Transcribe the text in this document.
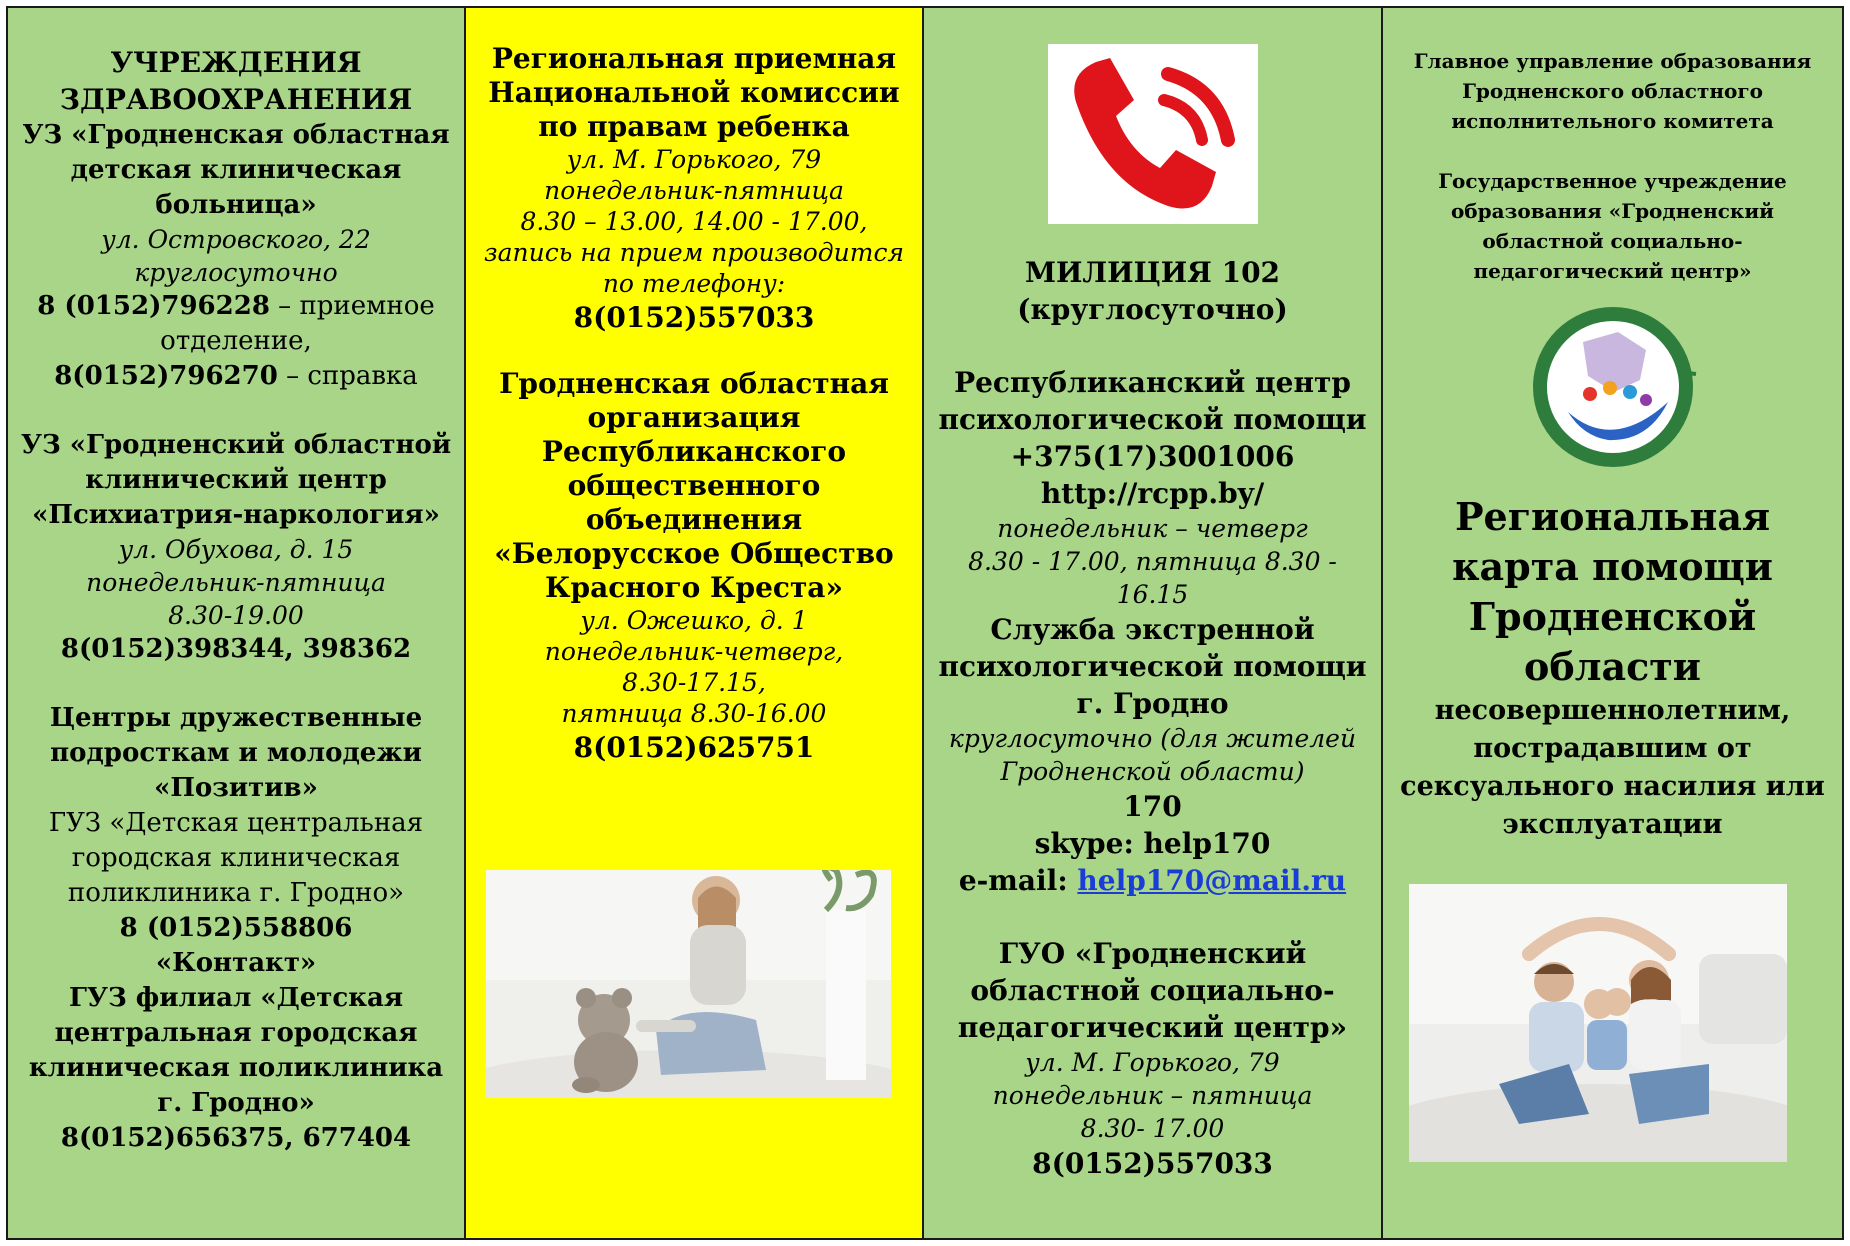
УЧРЕЖДЕНИЯ ЗДРАВООХРАНЕНИЯ
УЗ «Гродненская областная детская клиническая больница»
ул. Островского, 22
круглосуточно
8 (0152)796228 – приемное отделение,
8(0152)796270 – справка
УЗ «Гродненский областной клинический центр «Психиатрия-наркология»
ул. Обухова, д. 15
понедельник-пятница
8.30-19.00
8(0152)398344, 398362
Центры дружественные подросткам и молодежи
«Позитив»
ГУЗ «Детская центральная городская клиническая поликлиника г. Гродно»
8 (0152)558806
«Контакт»
ГУЗ филиал «Детская центральная городская клиническая поликлиника г. Гродно»
8(0152)656375, 677404
Региональная приемная Национальной комиссии по правам ребенка
ул. М. Горького, 79
понедельник-пятница
8.30 – 13.00, 14.00 - 17.00,
запись на прием производится по телефону:
8(0152)557033
Гродненская областная организация Республиканского общественного объединения «Белорусское Общество Красного Креста»
ул. Ожешко, д. 1
понедельник-четверг,
8.30-17.15,
пятница 8.30-16.00
8(0152)625751
МИЛИЦИЯ 102
(круглосуточно)
Республиканский центр психологической помощи
+375(17)3001006
http://rcpp.by/
понедельник – четверг
8.30 - 17.00, пятница 8.30 - 16.15
Служба экстренной психологической помощи г. Гродно
круглосуточно (для жителей Гродненской области)
170
skype: help170
e-mail: help170@mail.ru
ГУО «Гродненский областной социально-педагогический центр»
ул. М. Горького, 79
понедельник – пятница
8.30- 17.00
8(0152)557033
Главное управление образования Гродненского областного исполнительного комитета
Государственное учреждение образования «Гродненский областной социально-педагогический центр»
Региональная карта помощи Гродненской области
несовершеннолетним, пострадавшим от сексуального насилия или эксплуатации
